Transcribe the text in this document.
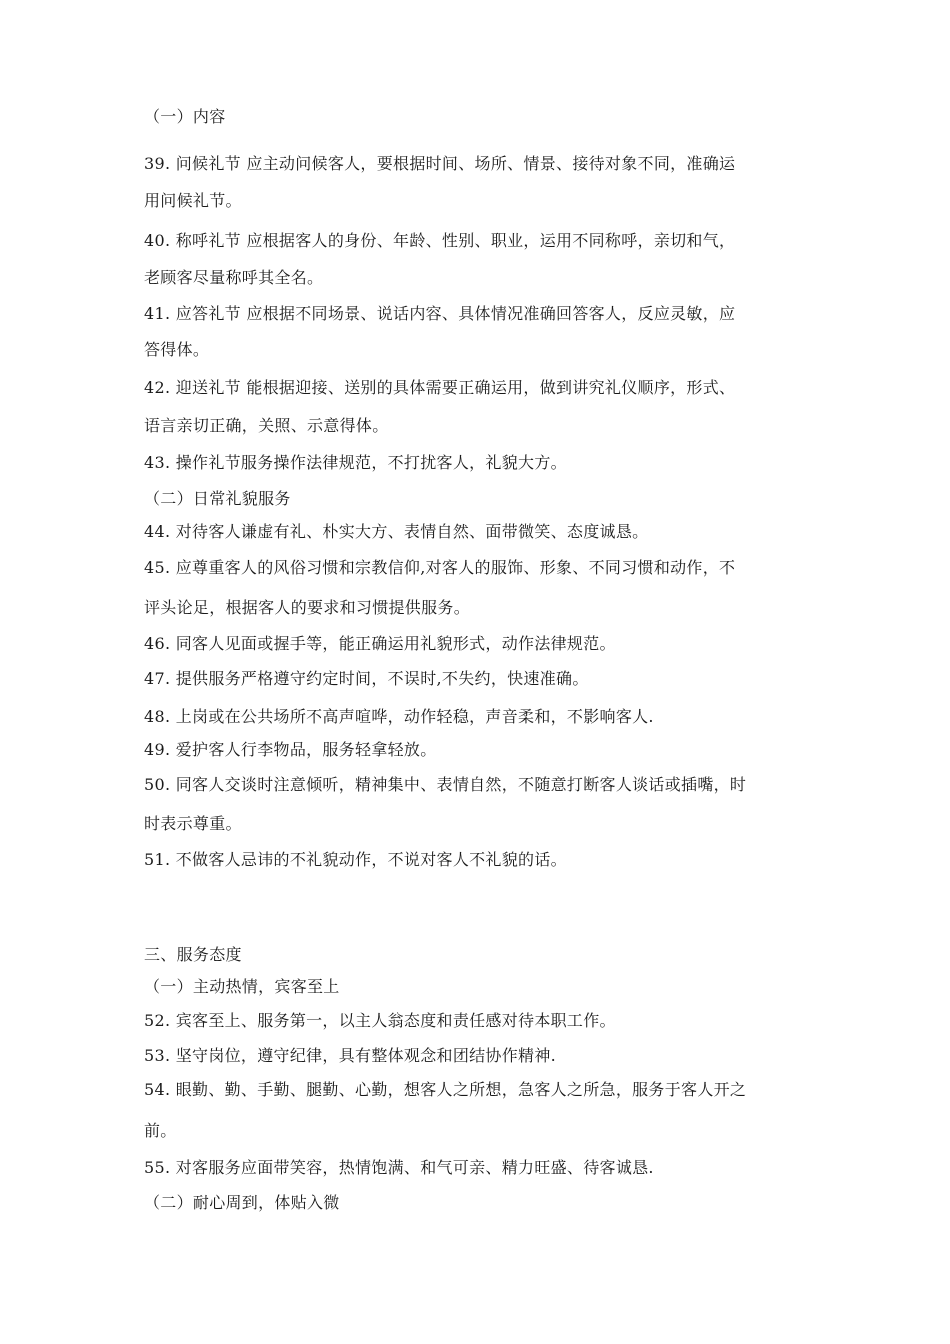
（一）内容
39. 问候礼节 应主动问候客人，要根据时间、场所、情景、接待对象不同，准确运
用问候礼节。
40. 称呼礼节 应根据客人的身份、年龄、性别、职业，运用不同称呼，亲切和气，
老顾客尽量称呼其全名。
41. 应答礼节 应根据不同场景、说话内容、具体情况准确回答客人，反应灵敏，应
答得体。
42. 迎送礼节 能根据迎接、送别的具体需要正确运用，做到讲究礼仪顺序，形式、
语言亲切正确，关照、示意得体。
43. 操作礼节服务操作法律规范，不打扰客人，礼貌大方。
（二）日常礼貌服务
44. 对待客人谦虚有礼、朴实大方、表情自然、面带微笑、态度诚恳。
45. 应尊重客人的风俗习惯和宗教信仰,对客人的服饰、形象、不同习惯和动作，不
评头论足，根据客人的要求和习惯提供服务。
46. 同客人见面或握手等，能正确运用礼貌形式，动作法律规范。
47. 提供服务严格遵守约定时间，不误时,不失约，快速准确。
48. 上岗或在公共场所不高声喧哗，动作轻稳，声音柔和，不影响客人.
49. 爱护客人行李物品，服务轻拿轻放。
50. 同客人交谈时注意倾听，精神集中、表情自然，不随意打断客人谈话或插嘴，时
时表示尊重。
51. 不做客人忌讳的不礼貌动作，不说对客人不礼貌的话。
三、服务态度
（一）主动热情，宾客至上
52. 宾客至上、服务第一，以主人翁态度和责任感对待本职工作。
53. 坚守岗位，遵守纪律，具有整体观念和团结协作精神.
54. 眼勤、勤、手勤、腿勤、心勤，想客人之所想，急客人之所急，服务于客人开之
前。
55. 对客服务应面带笑容，热情饱满、和气可亲、精力旺盛、待客诚恳.
（二）耐心周到，体贴入微
